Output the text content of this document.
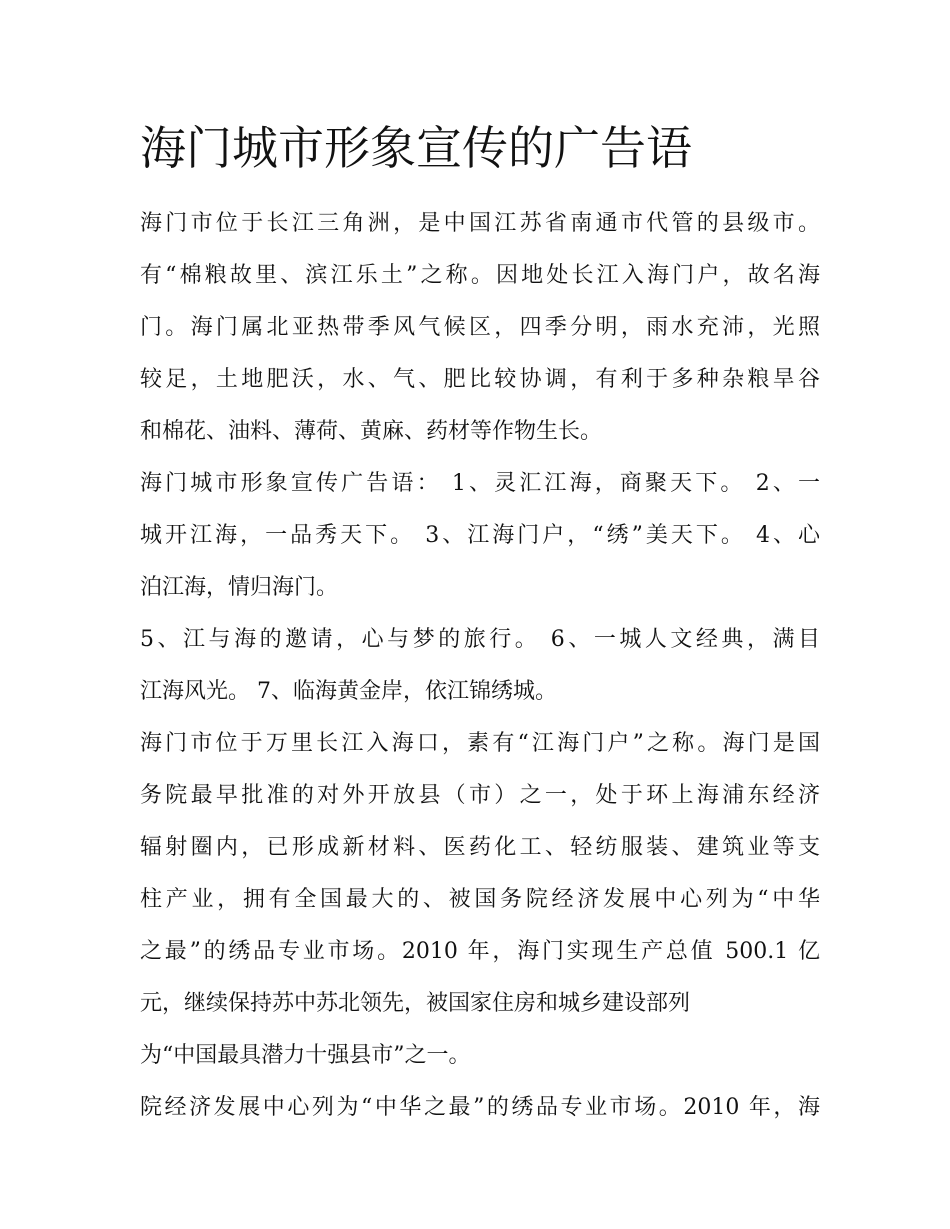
海门城市形象宣传的广告语
海门市位于长江三角洲，是中国江苏省南通市代管的县级市。
有“棉粮故里、滨江乐土”之称。因地处长江入海门户，故名海
门。海门属北亚热带季风气候区，四季分明，雨水充沛，光照
较足，土地肥沃，水、气、肥比较协调，有利于多种杂粮旱谷
和棉花、油料、薄荷、黄麻、药材等作物生长。
海门城市形象宣传广告语： 1、灵汇江海，商聚天下。 2、一
城开江海，一品秀天下。 3、江海门户，“绣”美天下。 4、心
泊江海，情归海门。
5、江与海的邀请，心与梦的旅行。 6、一城人文经典，满目
江海风光。 7、临海黄金岸，依江锦绣城。
海门市位于万里长江入海口，素有“江海门户”之称。海门是国
务院最早批准的对外开放县（市）之一，处于环上海浦东经济
辐射圈内，已形成新材料、医药化工、轻纺服装、建筑业等支
柱产业，拥有全国最大的、被国务院经济发展中心列为“中华
之最”的绣品专业市场。2010 年，海门实现生产总值 500.1 亿
元，继续保持苏中苏北领先，被国家住房和城乡建设部列
为“中国最具潜力十强县市”之一。
院经济发展中心列为“中华之最”的绣品专业市场。2010 年，海
